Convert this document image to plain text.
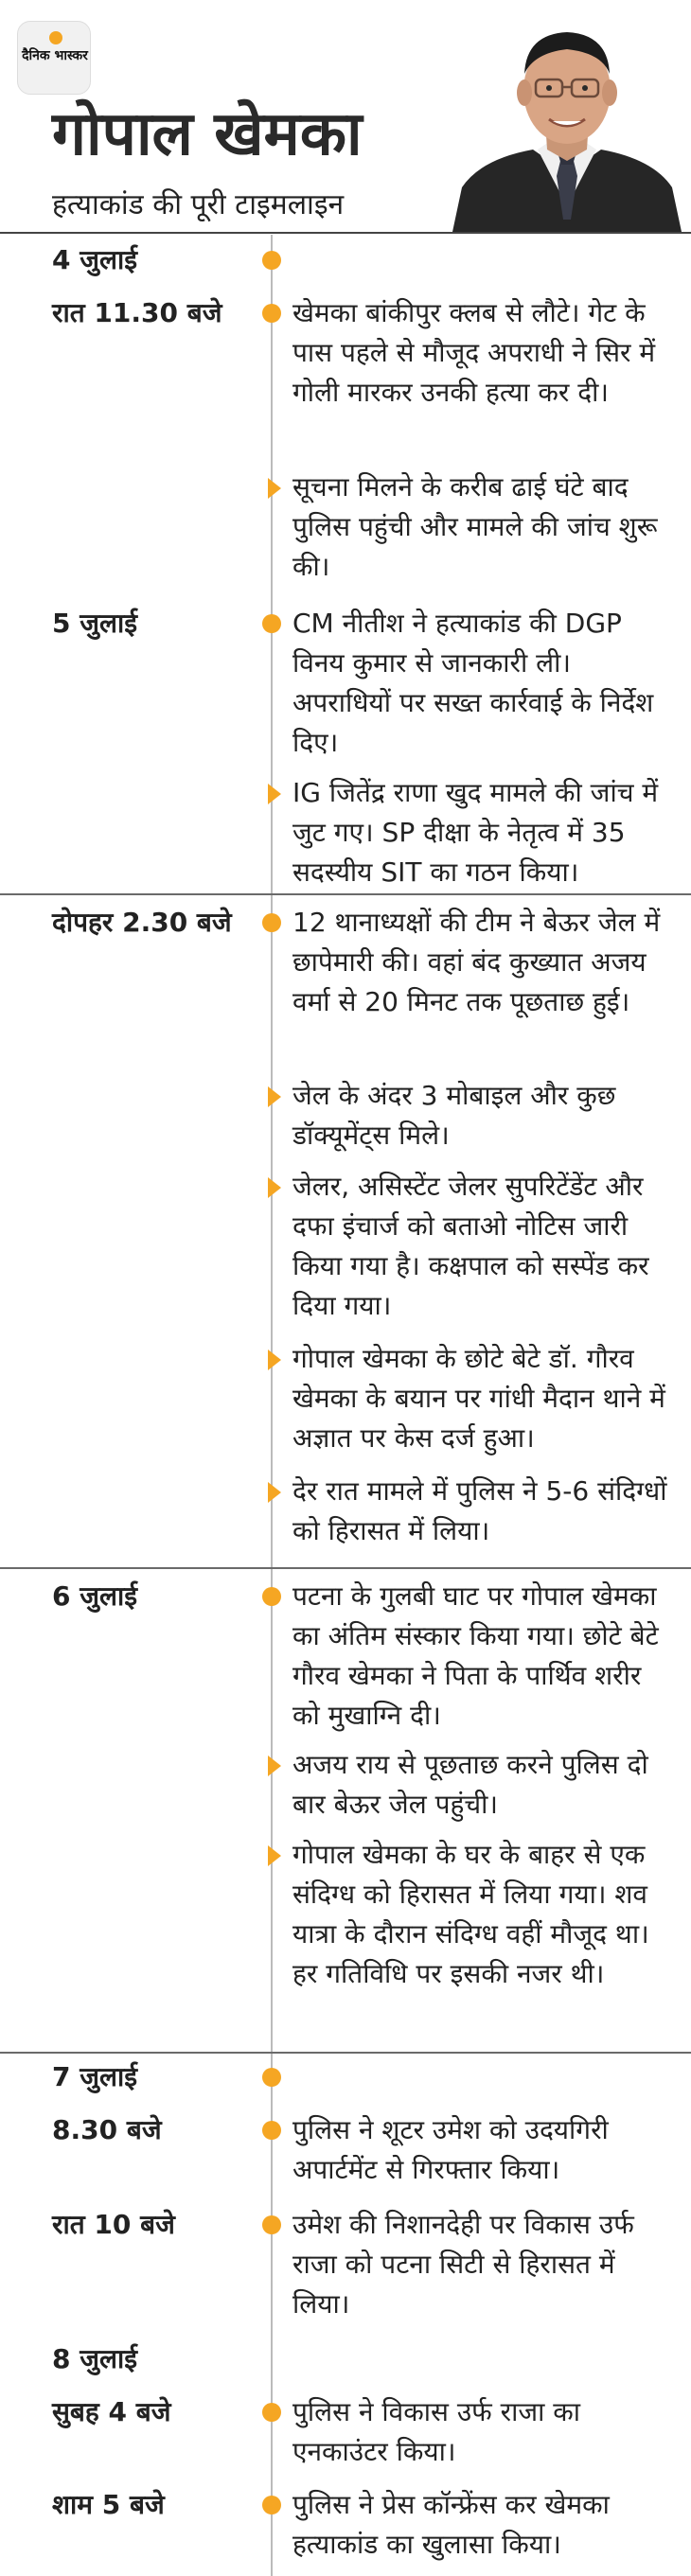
दैनिक भास्कर
गोपाल खेमका
हत्याकांड की पूरी टाइमलाइन
4 जुलाई
रात 11.30 बजे	खेमका बांकीपुर क्लब से लौटे। गेट के पास पहले से मौजूद अपराधी ने सिर में गोली मारकर उनकी हत्या कर दी।
सूचना मिलने के करीब ढाई घंटे बाद पुलिस पहुंची और मामले की जांच शुरू की।
5 जुलाई	CM नीतीश ने हत्याकांड की DGP विनय कुमार से जानकारी ली। अपराधियों पर सख्त कार्रवाई के निर्देश दिए।
IG जितेंद्र राणा खुद मामले की जांच में जुट गए। SP दीक्षा के नेतृत्व में 35 सदस्यीय SIT का गठन किया।
दोपहर 2.30 बजे 12 थानाध्यक्षों की टीम ने बेऊर जेल में छापेमारी की। वहां बंद कुख्यात अजय वर्मा से 20 मिनट तक पूछताछ हुई।
जेल के अंदर 3 मोबाइल और कुछ डॉक्यूमेंट्स मिले।
जेलर, असिस्टेंट जेलर सुपरिटेंडेंट और दफा इंचार्ज को बताओ नोटिस जारी किया गया है। कक्षपाल को सस्पेंड कर दिया गया।
गोपाल खेमका के छोटे बेटे डॉ. गौरव खेमका के बयान पर गांधी मैदान थाने में अज्ञात पर केस दर्ज हुआ।
देर रात मामले में पुलिस ने 5-6 संदिग्धों को हिरासत में लिया।
6 जुलाई	पटना के गुलबी घाट पर गोपाल खेमका का अंतिम संस्कार किया गया। छोटे बेटे गौरव खेमका ने पिता के पार्थिव शरीर को मुखाग्नि दी।
अजय राय से पूछताछ करने पुलिस दो बार बेऊर जेल पहुंची।
गोपाल खेमका के घर के बाहर से एक संदिग्ध को हिरासत में लिया गया। शव यात्रा के दौरान संदिग्ध वहीं मौजूद था। हर गतिविधि पर इसकी नजर थी।
7 जुलाई
8.30 बजे	पुलिस ने शूटर उमेश को उदयगिरी अपार्टमेंट से गिरफ्तार किया।
रात 10 बजे	उमेश की निशानदेही पर विकास उर्फ राजा को पटना सिटी से हिरासत में लिया।
8 जुलाई
सुबह 4 बजे	पुलिस ने विकास उर्फ राजा का एनकाउंटर किया।
शाम 5 बजे	पुलिस ने प्रेस कॉन्फ्रेंस कर खेमका हत्याकांड का खुलासा किया।
